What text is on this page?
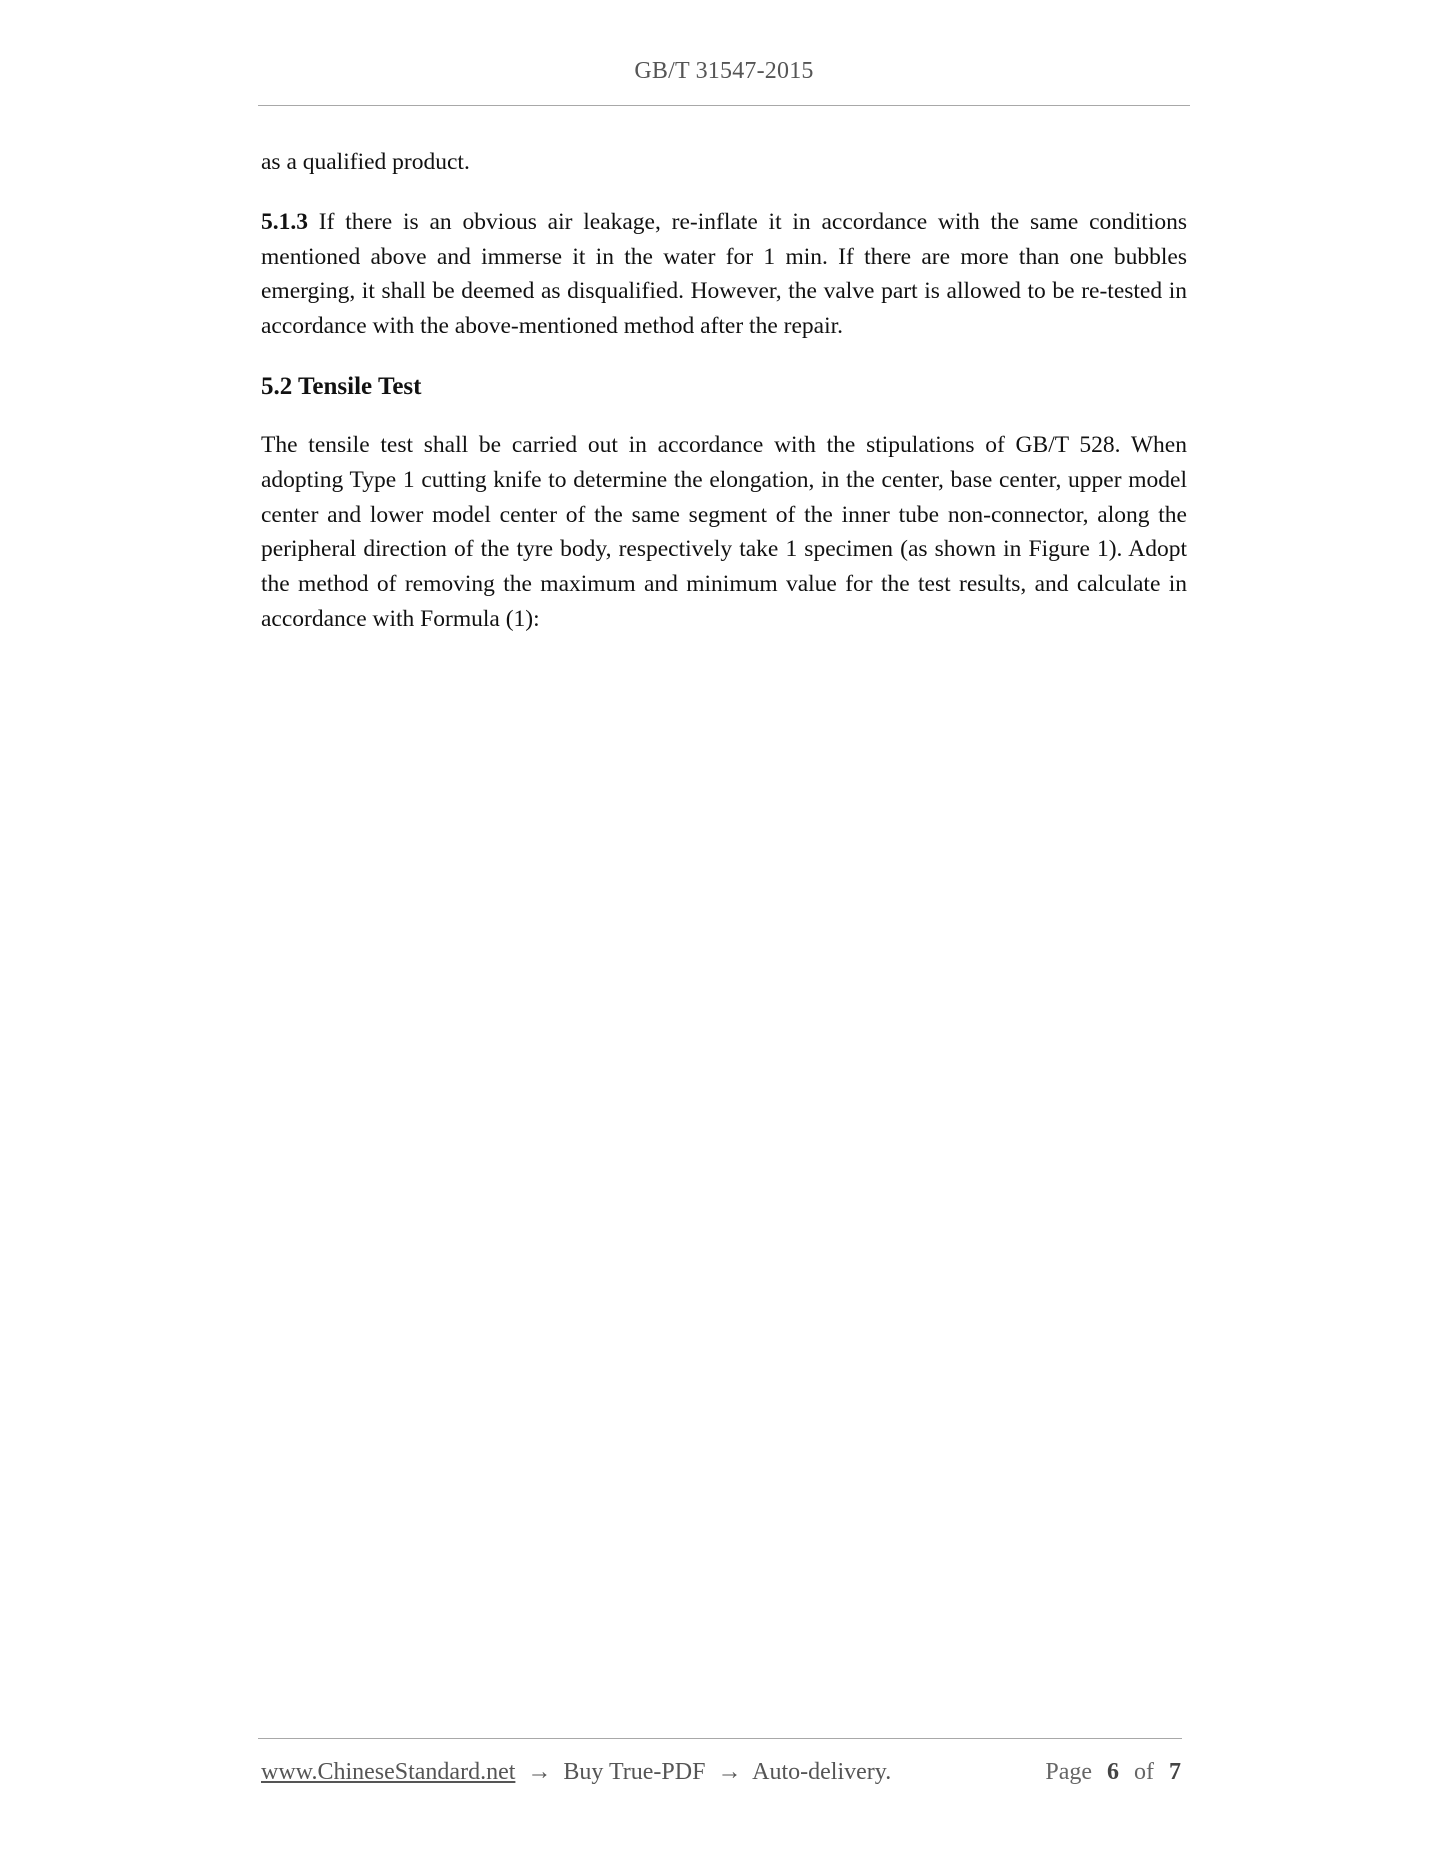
GB/T 31547-2015

as a qualified product.

5.1.3 If there is an obvious air leakage, re-inflate it in accordance with the same conditions mentioned above and immerse it in the water for 1 min. If there are more than one bubbles emerging, it shall be deemed as disqualified. However, the valve part is allowed to be re-tested in accordance with the above-mentioned method after the repair.

5.2 Tensile Test

The tensile test shall be carried out in accordance with the stipulations of GB/T 528. When adopting Type 1 cutting knife to determine the elongation, in the center, base center, upper model center and lower model center of the same segment of the inner tube non-connector, along the peripheral direction of the tyre body, respectively take 1 specimen (as shown in Figure 1). Adopt the method of removing the maximum and minimum value for the test results, and calculate in accordance with Formula (1):

www.ChineseStandard.net → Buy True-PDF → Auto-delivery.	Page 6 of 7
